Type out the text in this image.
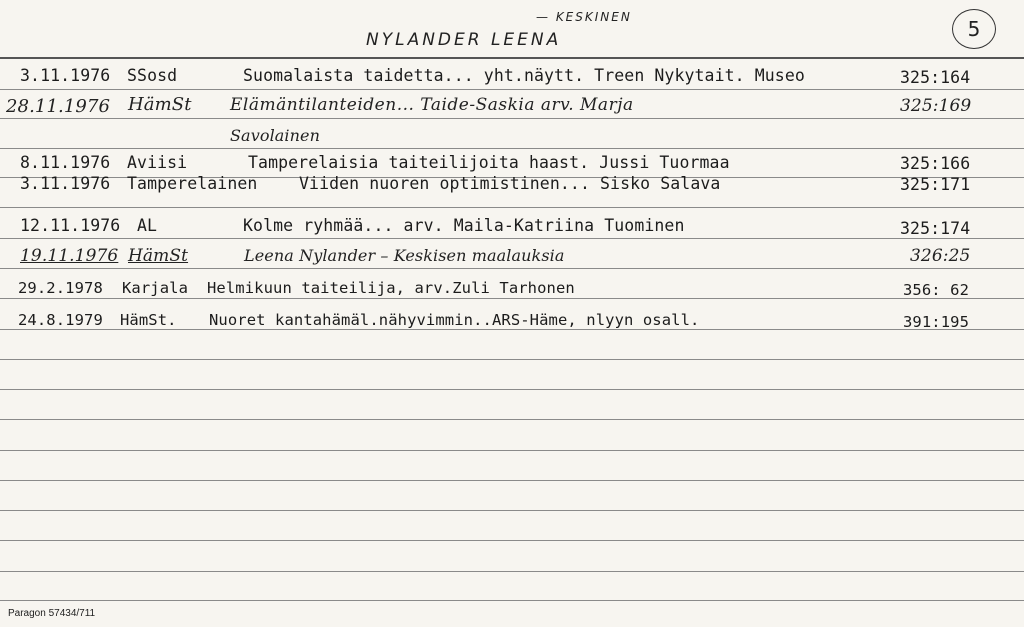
NYLANDER LEENA
— KESKINEN	5
3.11.1976 SSosd	Suomalaista taidetta... yht.näytt. Treen Nykytait. Museo	325:164
28.11.1976 HämSt Elämäntilanteiden... Taide-Saskia arv. Marja	325:169
Savolainen
8.11.1976 Aviisi	Tamperelaisia taiteilijoita haast. Jussi Tuormaa	325:166
3.11.1976 Tamperelainen	Viiden nuoren optimistinen... Sisko Salava	325:171
12.11.1976 AL	Kolme ryhmää... arv. Maila-Katriina Tuominen	325:174
19.11.1976 HämSt	Leena Nylander – Keskisen maalauksia	326:25
29.2.1978 Karjala Helmikuun taiteilija, arv.Zuli Tarhonen	356: 62
24.8.1979 HämSt. Nuoret kantahämäl.nähyvimmin..ARS-Häme, nlyyn osall.	391:195
Paragon 57434/711
